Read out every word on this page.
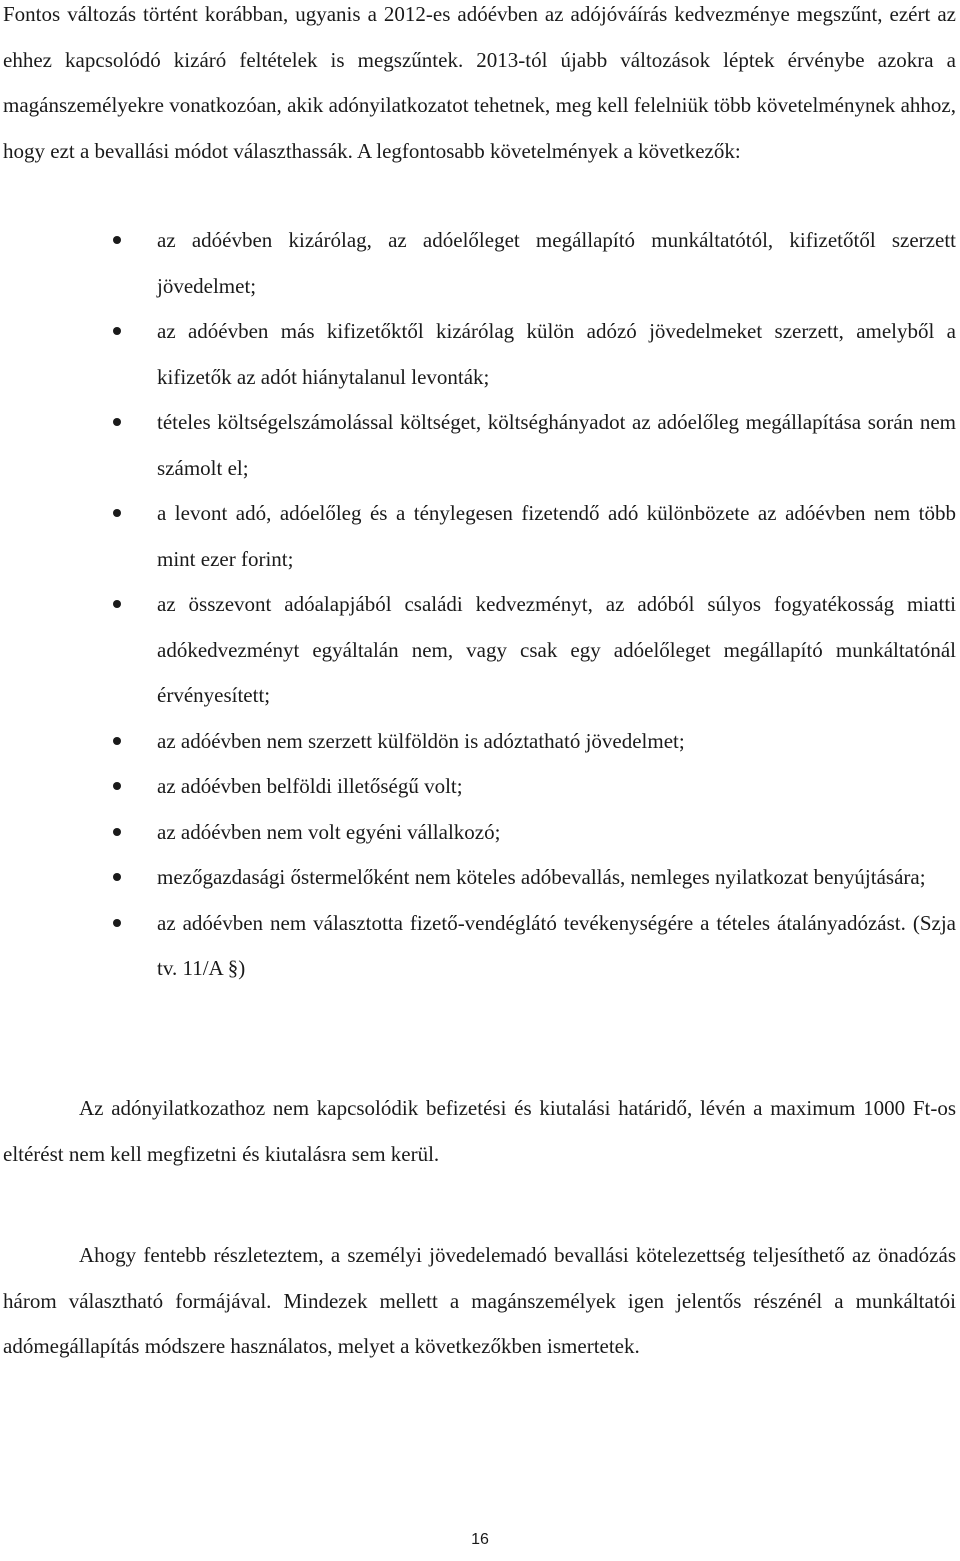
Fontos változás történt korábban, ugyanis a 2012-es adóévben az adójóváírás kedvezménye megszűnt, ezért az ehhez kapcsolódó kizáró feltételek is megszűntek. 2013-tól újabb változások léptek érvénybe azokra a magánszemélyekre vonatkozóan, akik adónyilatkozatot tehetnek, meg kell felelniük több követelménynek ahhoz, hogy ezt a bevallási módot választhassák. A legfontosabb követelmények a következők:

az adóévben kizárólag, az adóelőleget megállapító munkáltatótól, kifizetőtől szerzett jövedelmet;
az adóévben más kifizetőktől kizárólag külön adózó jövedelmeket szerzett, amelyből a kifizetők az adót hiánytalanul levonták;
tételes költségelszámolással költséget, költséghányadot az adóelőleg megállapítása során nem számolt el;
a levont adó, adóelőleg és a ténylegesen fizetendő adó különbözete az adóévben nem több mint ezer forint;
az összevont adóalapjából családi kedvezményt, az adóból súlyos fogyatékosság miatti adókedvezményt egyáltalán nem, vagy csak egy adóelőleget megállapító munkáltatónál érvényesített;
az adóévben nem szerzett külföldön is adóztatható jövedelmet;
az adóévben belföldi illetőségű volt;
az adóévben nem volt egyéni vállalkozó;
mezőgazdasági őstermelőként nem köteles adóbevallás, nemleges nyilatkozat benyújtására;
az adóévben nem választotta fizető-vendéglátó tevékenységére a tételes átalányadózást. (Szja tv. 11/A §)

Az adónyilatkozathoz nem kapcsolódik befizetési és kiutalási határidő, lévén a maximum 1000 Ft-os eltérést nem kell megfizetni és kiutalásra sem kerül.

Ahogy fentebb részleteztem, a személyi jövedelemadó bevallási kötelezettség teljesíthető az önadózás három választható formájával. Mindezek mellett a magánszemélyek igen jelentős részénél a munkáltatói adómegállapítás módszere használatos, melyet a következőkben ismertetek.

16
